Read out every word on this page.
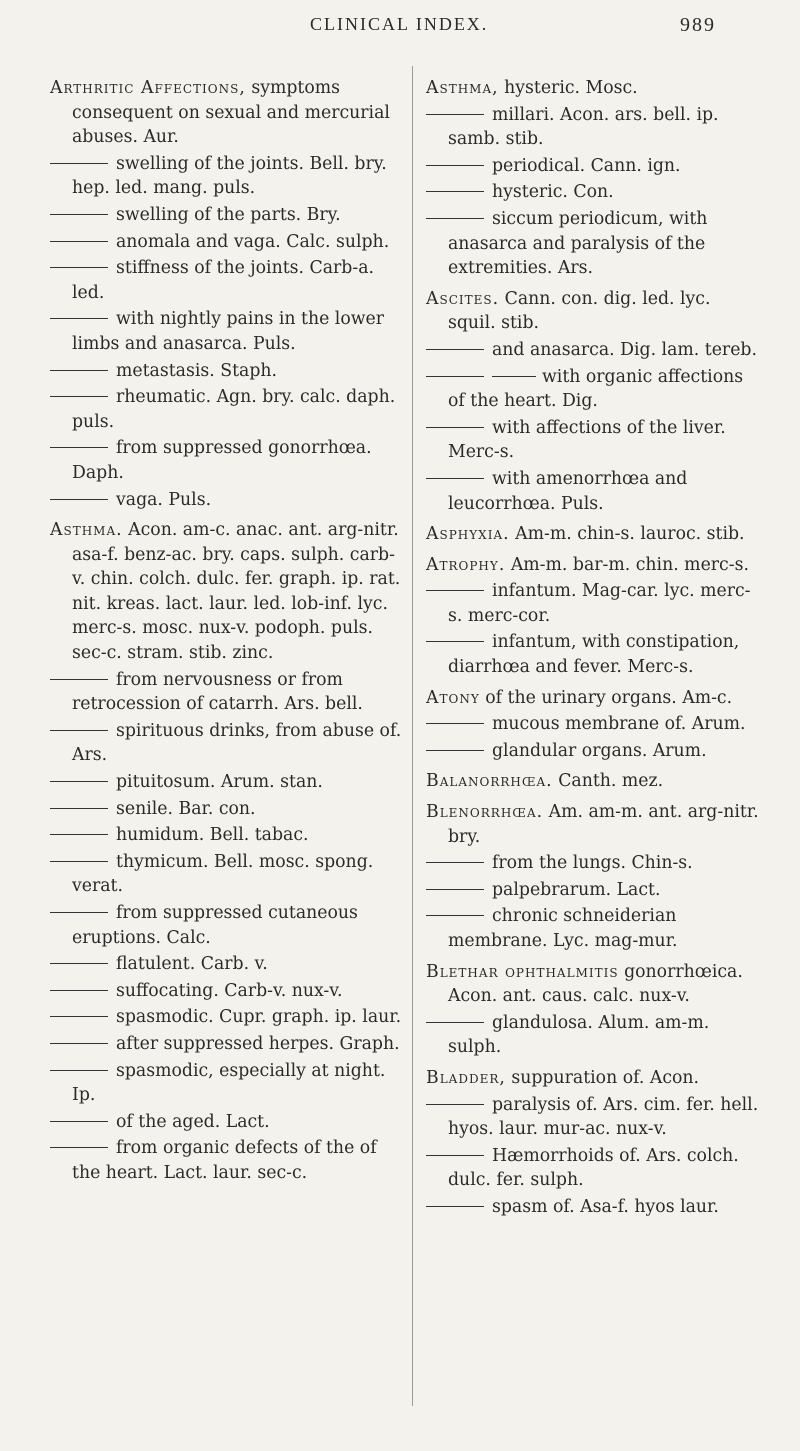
CLINICAL INDEX.	989
Arthritic Affections, symptoms consequent on sexual and mercurial abuses. Aur.
swelling of the joints. Bell. bry. hep. led. mang. puls.
swelling of the parts. Bry.
anomala and vaga. Calc. sulph.
stiffness of the joints. Carb-a. led.
with nightly pains in the lower limbs and anasarca. Puls.
metastasis. Staph.
rheumatic. Agn. bry. calc. daph. puls.
from suppressed gonorrhœa. Daph.
vaga. Puls.
Asthma. Acon. am-c. anac. ant. arg-nitr. asa-f. benz-ac. bry. caps. sulph. carb-v. chin. colch. dulc. fer. graph. ip. rat. nit. kreas. lact. laur. led. lob-inf. lyc. merc-s. mosc. nux-v. podoph. puls. sec-c. stram. stib. zinc.
from nervousness or from retrocession of catarrh. Ars. bell.
spirituous drinks, from abuse of. Ars.
pituitosum. Arum. stan.
senile. Bar. con.
humidum. Bell. tabac.
thymicum. Bell. mosc. spong. verat.
from suppressed cutaneous eruptions. Calc.
flatulent. Carb. v.
suffocating. Carb-v. nux-v.
spasmodic. Cupr. graph. ip. laur.
after suppressed herpes. Graph.
spasmodic, especially at night. Ip.
of the aged. Lact.
from organic defects of the of the heart. Lact. laur. sec-c.
Asthma, hysteric. Mosc.
millari. Acon. ars. bell. ip. samb. stib.
periodical. Cann. ign.
hysteric. Con.
siccum periodicum, with anasarca and paralysis of the extremities. Ars.
Ascites. Cann. con. dig. led. lyc. squil. stib.
and anasarca. Dig. lam. tereb.
with organic affections of the heart. Dig.
with affections of the liver. Merc-s.
with amenorrhœa and leucorrhœa. Puls.
Asphyxia. Am-m. chin-s. lauroc. stib.
Atrophy. Am-m. bar-m. chin. merc-s.
infantum. Mag-car. lyc. merc-s. merc-cor.
infantum, with constipation, diarrhœa and fever. Merc-s.
Atony of the urinary organs. Am-c.
mucous membrane of. Arum.
glandular organs. Arum.
Balanorrhœa. Canth. mez.
Blenorrhœa. Am. am-m. ant. arg-nitr. bry.
from the lungs. Chin-s.
palpebrarum. Lact.
chronic schneiderian membrane. Lyc. mag-mur.
Blethar ophthalmitis gonorrhœica. Acon. ant. caus. calc. nux-v.
glandulosa. Alum. am-m. sulph.
Bladder, suppuration of. Acon.
paralysis of. Ars. cim. fer. hell. hyos. laur. mur-ac. nux-v.
Hæmorrhoids of. Ars. colch. dulc. fer. sulph.
spasm of. Asa-f. hyos laur.
